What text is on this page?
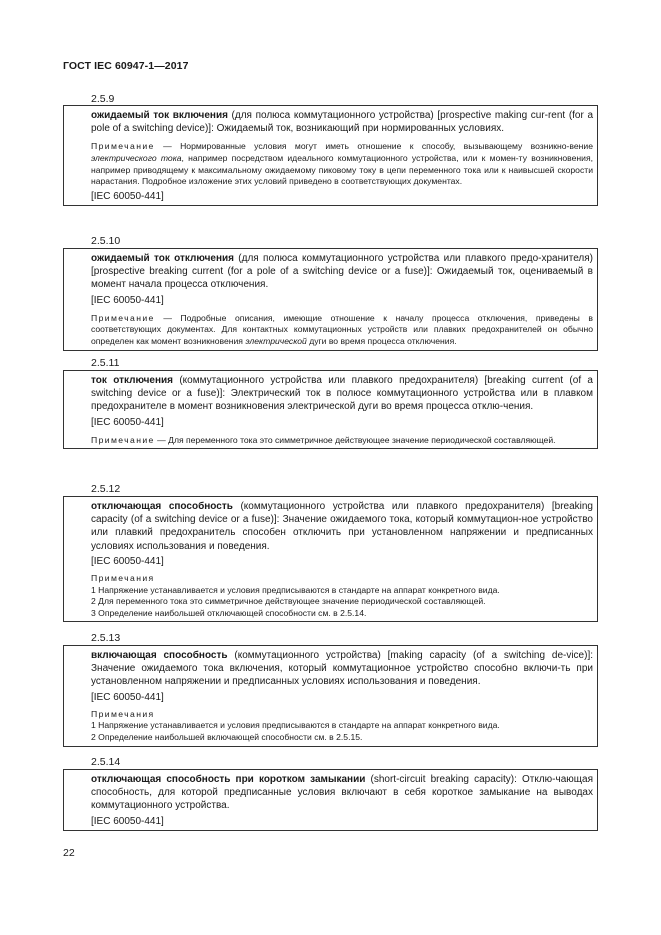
ГОСТ IEC 60947-1—2017
2.5.9

ожидаемый ток включения (для полюса коммутационного устройства) [prospective making cur-rent (for a pole of a switching device)]: Ожидаемый ток, возникающий при нормированных условиях.

Примечание — Нормированные условия могут иметь отношение к способу, вызывающему возникно-вение электрического тока, например посредством идеального коммутационного устройства, или к момен-ту возникновения, например приводящему к максимальному ожидаемому пиковому току в цепи переменного тока или к наивысшей скорости нарастания. Подробное изложение этих условий приведено в соответствующих документах.

[IEC 60050-441]

2.5.10

ожидаемый ток отключения (для полюса коммутационного устройства или плавкого предо-хранителя) [prospective breaking current (for a pole of a switching device or a fuse)]: Ожидаемый ток, оцениваемый в момент начала процесса отключения.

[IEC 60050-441]

Примечание — Подробные описания, имеющие отношение к началу процесса отключения, приведены в соответствующих документах. Для контактных коммутационных устройств или плавких предохранителей он обычно определен как момент возникновения электрической дуги во время процесса отключения.

2.5.11

ток отключения (коммутационного устройства или плавкого предохранителя) [breaking current (of a switching device or a fuse)]: Электрический ток в полюсе коммутационного устройства или в плавком предохранителе в момент возникновения электрической дуги во время процесса отклю-чения.

[IEC 60050-441]

Примечание — Для переменного тока это симметричное действующее значение периодической составляющей.

2.5.12

отключающая способность (коммутационного устройства или плавкого предохранителя) [breaking capacity (of a switching device or a fuse)]: Значение ожидаемого тока, который коммутацион-ное устройство или плавкий предохранитель способен отключить при установленном напряжении и предписанных условиях использования и поведения.

[IEC 60050-441]

Примечания

1 Напряжение устанавливается и условия предписываются в стандарте на аппарат конкретного вида.

2 Для переменного тока это симметричное действующее значение периодической составляющей.

3 Определение наибольшей отключающей способности см. в 2.5.14.

2.5.13

включающая способность (коммутационного устройства) [making capacity (of a switching de-vice)]: Значение ожидаемого тока включения, который коммутационное устройство способно включи-ть при установленном напряжении и предписанных условиях использования и поведения.

[IEC 60050-441]

Примечания

1 Напряжение устанавливается и условия предписываются в стандарте на аппарат конкретного вида.

2 Определение наибольшей включающей способности см. в 2.5.15.

2.5.14

отключающая способность при коротком замыкании (short-circuit breaking capacity): Отклю-чающая способность, для которой предписанные условия включают в себя короткое замыкание на выводах коммутационного устройства.

[IEC 60050-441]

22
